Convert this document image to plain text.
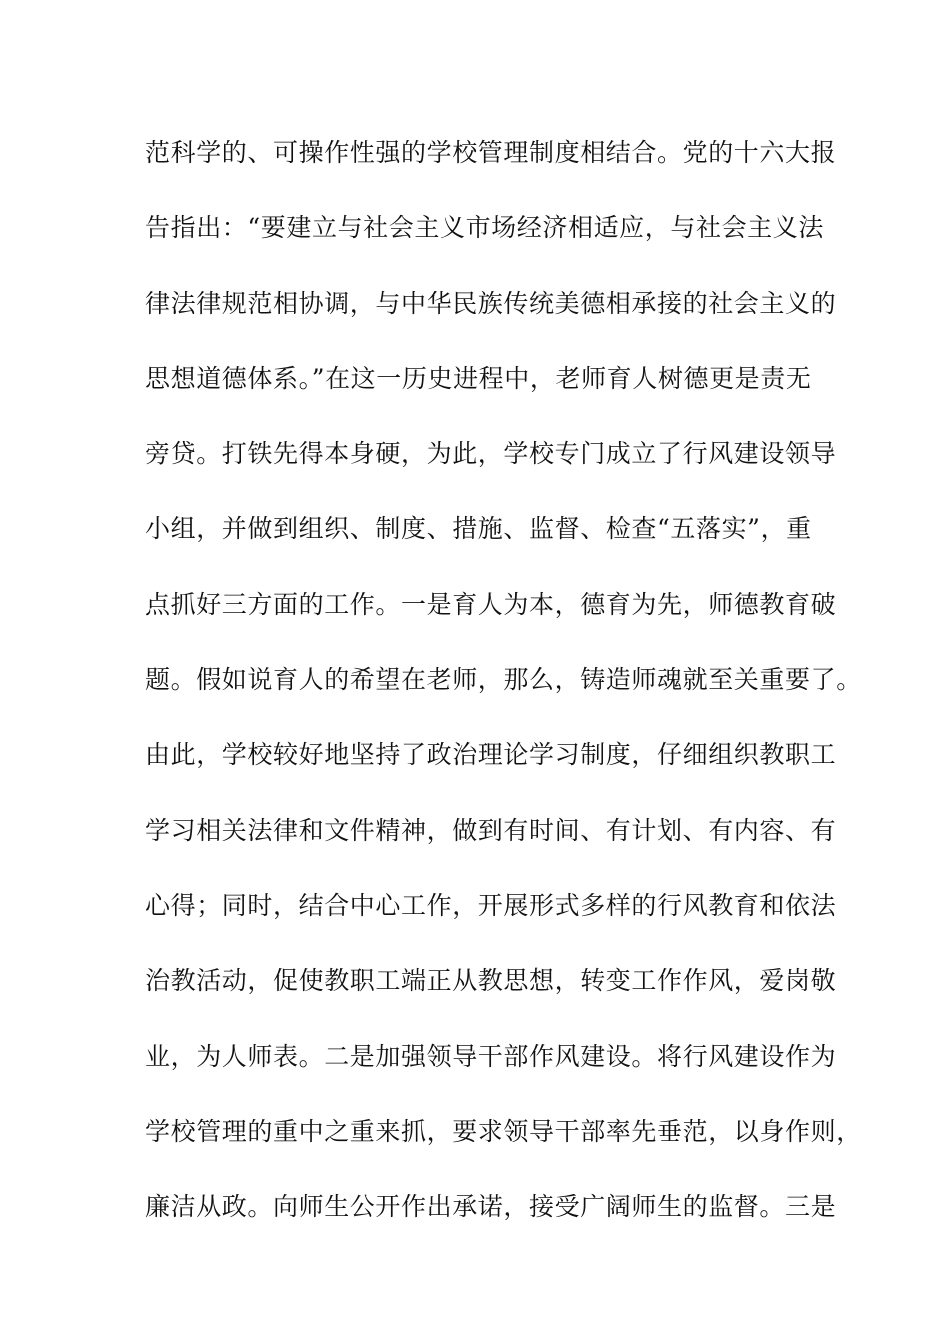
范科学的、可操作性强的学校管理制度相结合。党的十六大报
告指出：“要建立与社会主义市场经济相适应，与社会主义法
律法律规范相协调，与中华民族传统美德相承接的社会主义的
思想道德体系。”在这一历史进程中，老师育人树德更是责无
旁贷。打铁先得本身硬，为此，学校专门成立了行风建设领导
小组，并做到组织、制度、措施、监督、检查“五落实”，重
点抓好三方面的工作。一是育人为本，德育为先，师德教育破
题。假如说育人的希望在老师，那么，铸造师魂就至关重要了。
由此，学校较好地坚持了政治理论学习制度，仔细组织教职工
学习相关法律和文件精神，做到有时间、有计划、有内容、有
心得；同时，结合中心工作，开展形式多样的行风教育和依法
治教活动，促使教职工端正从教思想，转变工作作风，爱岗敬
业，为人师表。二是加强领导干部作风建设。将行风建设作为
学校管理的重中之重来抓，要求领导干部率先垂范，以身作则，
廉洁从政。向师生公开作出承诺，接受广阔师生的监督。三是
